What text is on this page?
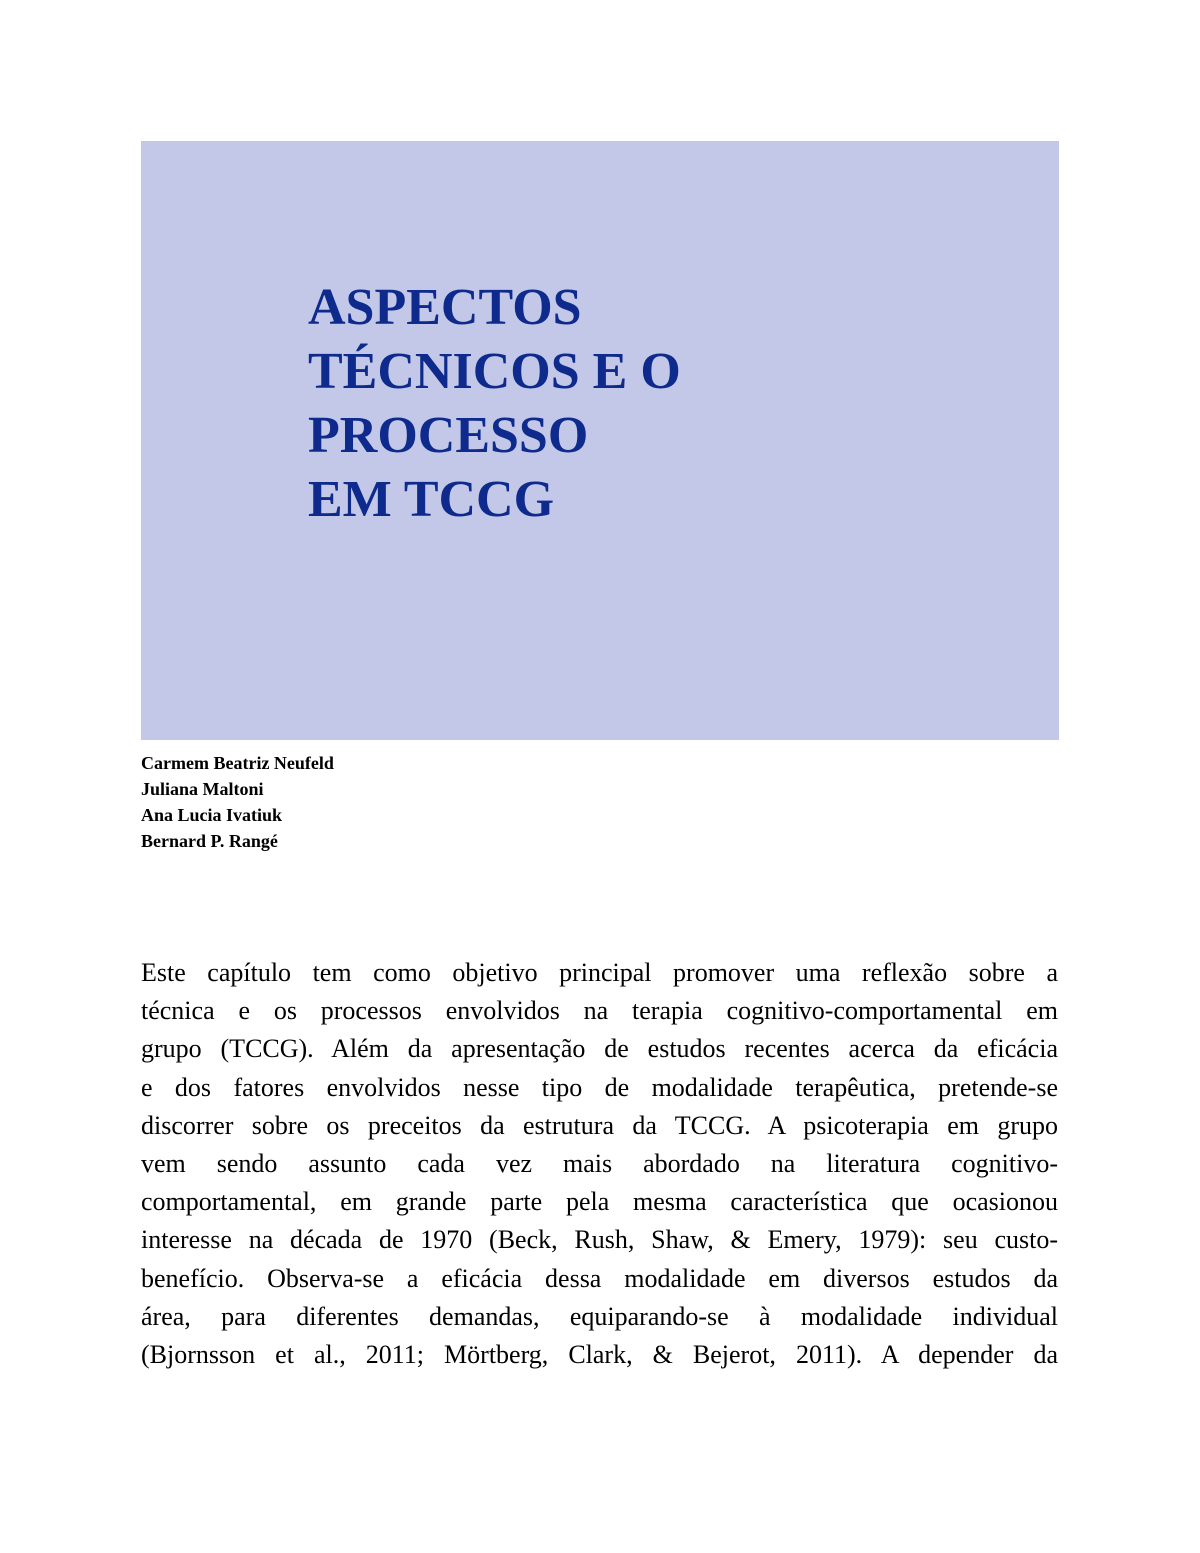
ASPECTOS
TÉCNICOS E O
PROCESSO
EM TCCG
Carmem Beatriz Neufeld
Juliana Maltoni
Ana Lucia Ivatiuk
Bernard P. Rangé
Este capítulo tem como objetivo principal promover uma reflexão sobre a
técnica e os processos envolvidos na terapia cognitivo-comportamental em
grupo (TCCG). Além da apresentação de estudos recentes acerca da eficácia
e dos fatores envolvidos nesse tipo de modalidade terapêutica, pretende-se
discorrer sobre os preceitos da estrutura da TCCG. A psicoterapia em grupo
vem sendo assunto cada vez mais abordado na literatura cognitivo-
comportamental, em grande parte pela mesma característica que ocasionou
interesse na década de 1970 (Beck, Rush, Shaw, & Emery, 1979): seu custo-
benefício. Observa-se a eficácia dessa modalidade em diversos estudos da
área, para diferentes demandas, equiparando-se à modalidade individual
(Bjornsson et al., 2011; Mörtberg, Clark, & Bejerot, 2011). A depender da
